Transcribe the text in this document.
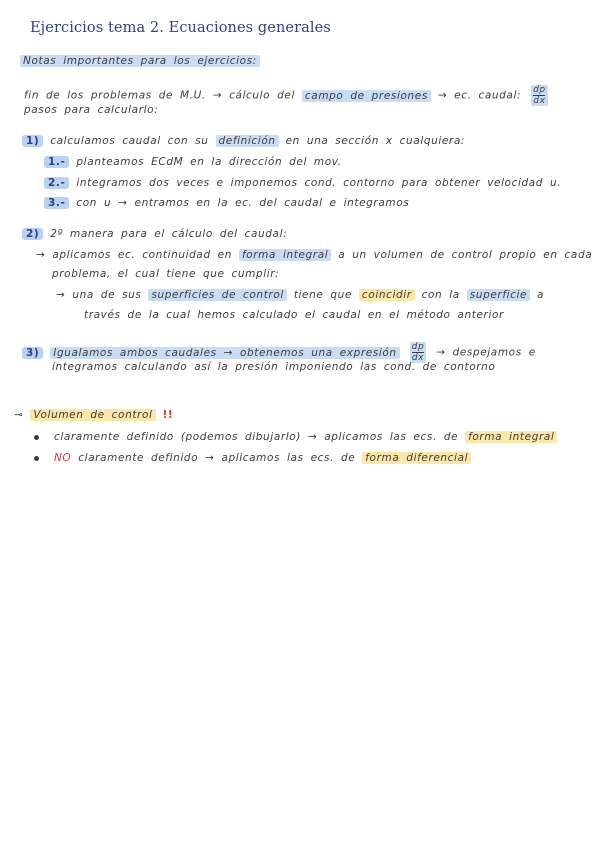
Ejercicios tema 2. Ecuaciones generales
Notas importantes para los ejercicios:
fin de los problemas de M.U. → cálculo del campo de presiones → ec. caudal: $\frac{dp}{dx}$
pasos para calcularlo:
1) calculamos caudal con su definición en una sección x cualquiera:
1.- planteamos ECdM en la dirección del mov.
2.- integramos dos veces e imponemos cond. contorno para obtener velocidad u.
3.- con u → entramos en la ec. del caudal e integramos
2) 2º manera para el cálculo del caudal:
→ aplicamos ec. continuidad en forma integral a un volumen de control propio en cada
problema, el cual tiene que cumplir:
→ una de sus superficies de control tiene que coincidir con la superficie a
través de la cual hemos calculado el caudal en el método anterior
3) Igualamos ambos caudales → obtenemos una expresión $\frac{dp}{dx}$ → despejamos e
integramos calculando así la presión imponiendo las cond. de contorno
⊸ Volumen de control !!
claramente definido (podemos dibujarlo) → aplicamos las ecs. de forma integral
NO claramente definido → aplicamos las ecs. de forma diferencial
